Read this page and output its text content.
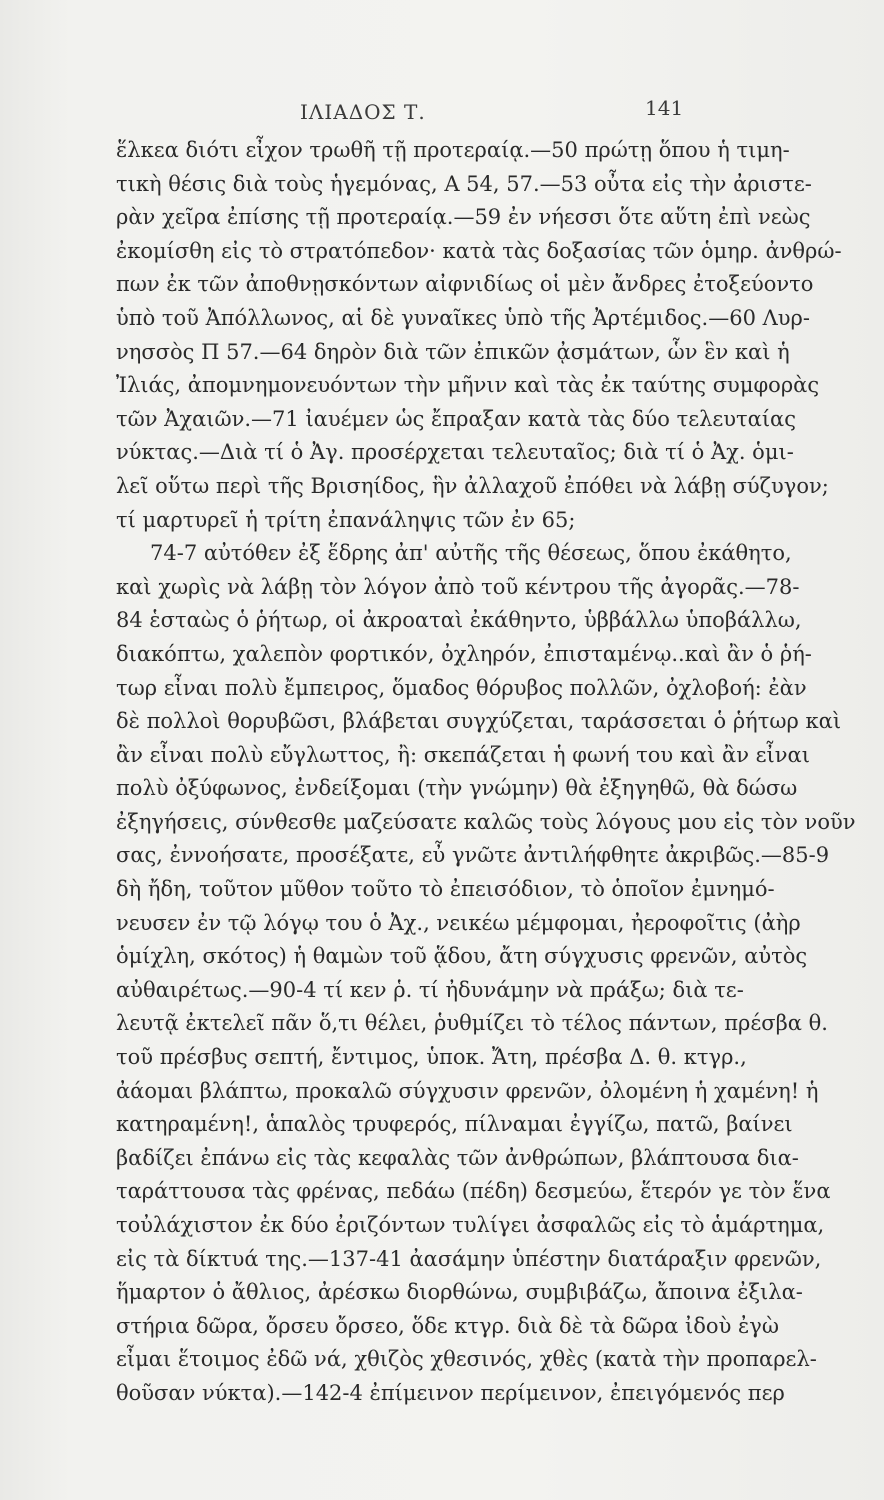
ΙΛΙΑΔΟΣ Τ.	141
ἕλκεα διότι εἶχον τρωθῆ τῇ προτεραίᾳ.—50 πρώτῃ ὅπου ἡ τιμη-
τικὴ θέσις διὰ τοὺς ἡγεμόνας, Α 54, 57.—53 οὖτα εἰς τὴν ἀριστε-
ρὰν χεῖρα ἐπίσης τῇ προτεραίᾳ.—59 ἐν νήεσσι ὅτε αὕτη ἐπὶ νεὼς
ἐκομίσθη εἰς τὸ στρατόπεδον· κατὰ τὰς δοξασίας τῶν ὁμηρ. ἀνθρώ-
πων ἐκ τῶν ἀποθνῃσκόντων αἰφνιδίως οἱ μὲν ἄνδρες ἐτοξεύοντο
ὑπὸ τοῦ Ἀπόλλωνος, αἱ δὲ γυναῖκες ὑπὸ τῆς Ἀρτέμιδος.—60 Λυρ-
νησσὸς Π 57.—64 δηρὸν διὰ τῶν ἐπικῶν ᾀσμάτων, ὧν ἓν καὶ ἡ
Ἰλιάς, ἀπομνημονευόντων τὴν μῆνιν καὶ τὰς ἐκ ταύτης συμφορὰς
τῶν Ἀχαιῶν.—71 ἰαυέμεν ὡς ἔπραξαν κατὰ τὰς δύο τελευταίας
νύκτας.—Διὰ τί ὁ Ἀγ. προσέρχεται τελευταῖος; διὰ τί ὁ Ἀχ. ὁμι-
λεῖ οὕτω περὶ τῆς Βρισηίδος, ἣν ἀλλαχοῦ ἐπόθει νὰ λάβῃ σύζυγον;
τί μαρτυρεῖ ἡ τρίτη ἐπανάληψις τῶν ἐν 65;
74-7 αὐτόθεν ἐξ ἕδρης ἀπ' αὐτῆς τῆς θέσεως, ὅπου ἐκάθητο,
καὶ χωρὶς νὰ λάβῃ τὸν λόγον ἀπὸ τοῦ κέντρου τῆς ἀγορᾶς.—78-
84 ἑσταὼς ὁ ῥήτωρ, οἱ ἀκροαταὶ ἐκάθηντο, ὑββάλλω ὑποβάλλω,
διακόπτω, χαλεπὸν φορτικόν, ὀχληρόν, ἐπισταμένῳ..καὶ ἂν ὁ ῥή-
τωρ εἶναι πολὺ ἔμπειρος, ὅμαδος θόρυβος πολλῶν, ὀχλοβοή: ἐὰν
δὲ πολλοὶ θορυβῶσι, βλάβεται συγχύζεται, ταράσσεται ὁ ῥήτωρ καὶ
ἂν εἶναι πολὺ εὔγλωττος, ἢ: σκεπάζεται ἡ φωνή του καὶ ἂν εἶναι
πολὺ ὀξύφωνος, ἐνδείξομαι (τὴν γνώμην) θὰ ἐξηγηθῶ, θὰ δώσω
ἐξηγήσεις, σύνθεσθε μαζεύσατε καλῶς τοὺς λόγους μου εἰς τὸν νοῦν
σας, ἐννοήσατε, προσέξατε, εὖ γνῶτε ἀντιλήφθητε ἀκριβῶς.—85-9
δὴ ἤδη, τοῦτον μῦθον τοῦτο τὸ ἐπεισόδιον, τὸ ὁποῖον ἐμνημό-
νευσεν ἐν τῷ λόγῳ του ὁ Ἀχ., νεικέω μέμφομαι, ἠεροφοῖτις (ἀὴρ
ὁμίχλη, σκότος) ἡ θαμὼν τοῦ ᾅδου, ἄτη σύγχυσις φρενῶν, αὐτὸς
αὐθαιρέτως.—90-4 τί κεν ῥ. τί ἠδυνάμην νὰ πράξω; διὰ τε-
λευτᾷ ἐκτελεῖ πᾶν ὅ,τι θέλει, ῥυθμίζει τὸ τέλος πάντων, πρέσβα θ.
τοῦ πρέσβυς σεπτή, ἔντιμος, ὑποκ. Ἄτη, πρέσβα Δ. θ. κτγρ.,
ἀάομαι βλάπτω, προκαλῶ σύγχυσιν φρενῶν, ὀλομένη ἡ χαμένη! ἡ
κατηραμένη!, ἁπαλὸς τρυφερός, πίλναμαι ἐγγίζω, πατῶ, βαίνει
βαδίζει ἐπάνω εἰς τὰς κεφαλὰς τῶν ἀνθρώπων, βλάπτουσα δια-
ταράττουσα τὰς φρένας, πεδάω (πέδη) δεσμεύω, ἕτερόν γε τὸν ἕνα
τοὐλάχιστον ἐκ δύο ἐριζόντων τυλίγει ἀσφαλῶς εἰς τὸ ἁμάρτημα,
εἰς τὰ δίκτυά της.—137-41 ἀασάμην ὑπέστην διατάραξιν φρενῶν,
ἥμαρτον ὁ ἄθλιος, ἀρέσκω διορθώνω, συμβιβάζω, ἄποινα ἐξιλα-
στήρια δῶρα, ὄρσευ ὄρσεο, ὅδε κτγρ. διὰ δὲ τὰ δῶρα ἰδοὺ ἐγὼ
εἶμαι ἕτοιμος ἐδῶ νά, χθιζὸς χθεσινός, χθὲς (κατὰ τὴν προπαρελ-
θοῦσαν νύκτα).—142-4 ἐπίμεινον περίμεινον, ἐπειγόμενός περ
